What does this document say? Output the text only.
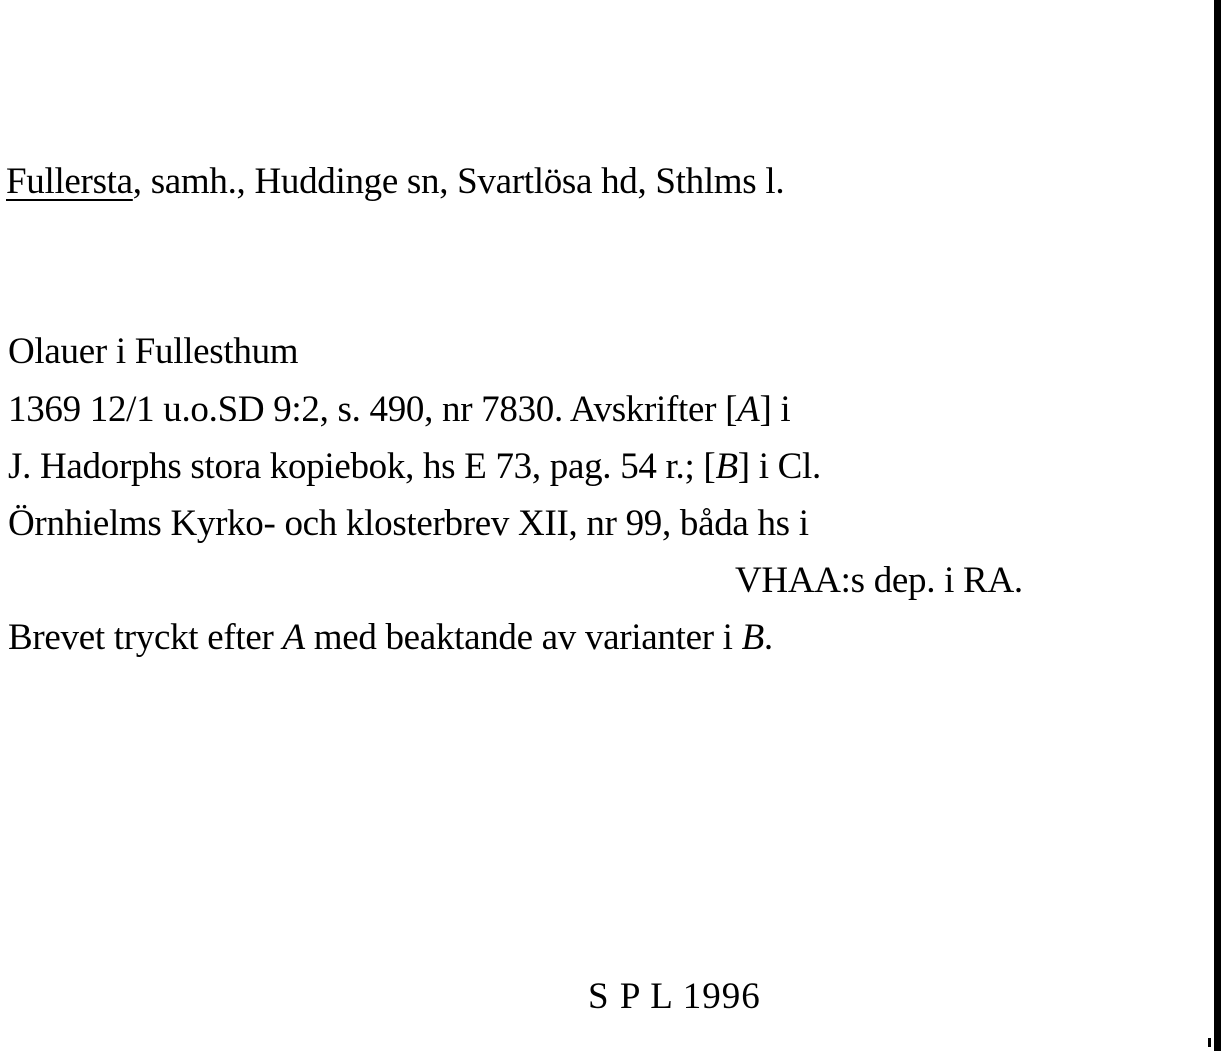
Fullersta, samh., Huddinge sn, Svartlösa hd, Sthlms l.
Olauer i Fullesthum
1369 12/1 u.o.SD 9:2, s. 490, nr 7830. Avskrifter [A] i
J. Hadorphs stora kopiebok, hs E 73, pag. 54 r.; [B] i Cl.
Örnhielms Kyrko- och klosterbrev XII, nr 99, båda hs i
VHAA:s dep. i RA.
Brevet tryckt efter A med beaktande av varianter i B.
S P L 1996
